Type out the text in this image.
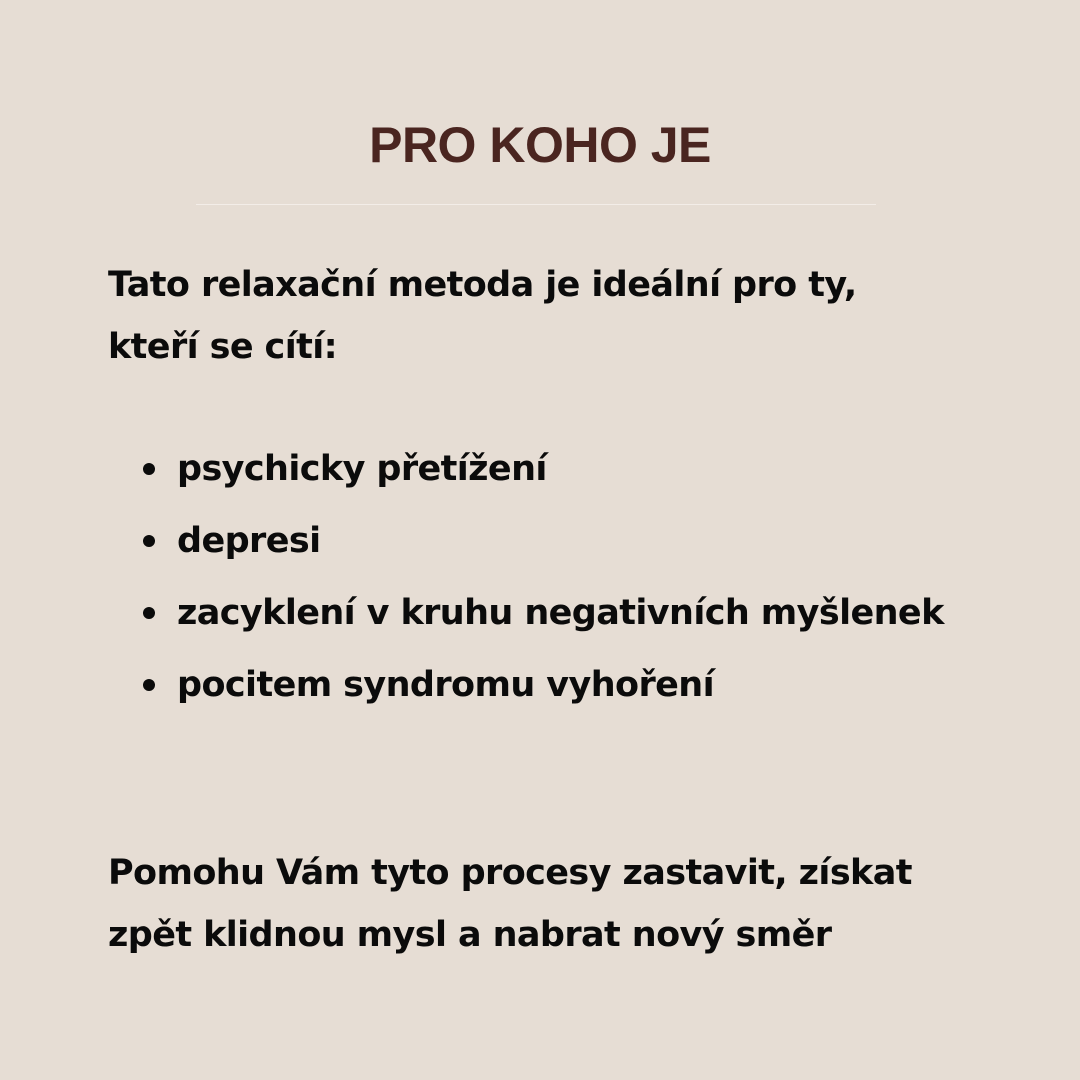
PRO KOHO JE

Tato relaxační metoda je ideální pro ty,
kteří se cítí:

psychicky přetížení
depresi
zacyklení v kruhu negativních myšlenek
pocitem syndromu vyhoření

Pomohu Vám tyto procesy zastavit, získat
zpět klidnou mysl a nabrat nový směr
